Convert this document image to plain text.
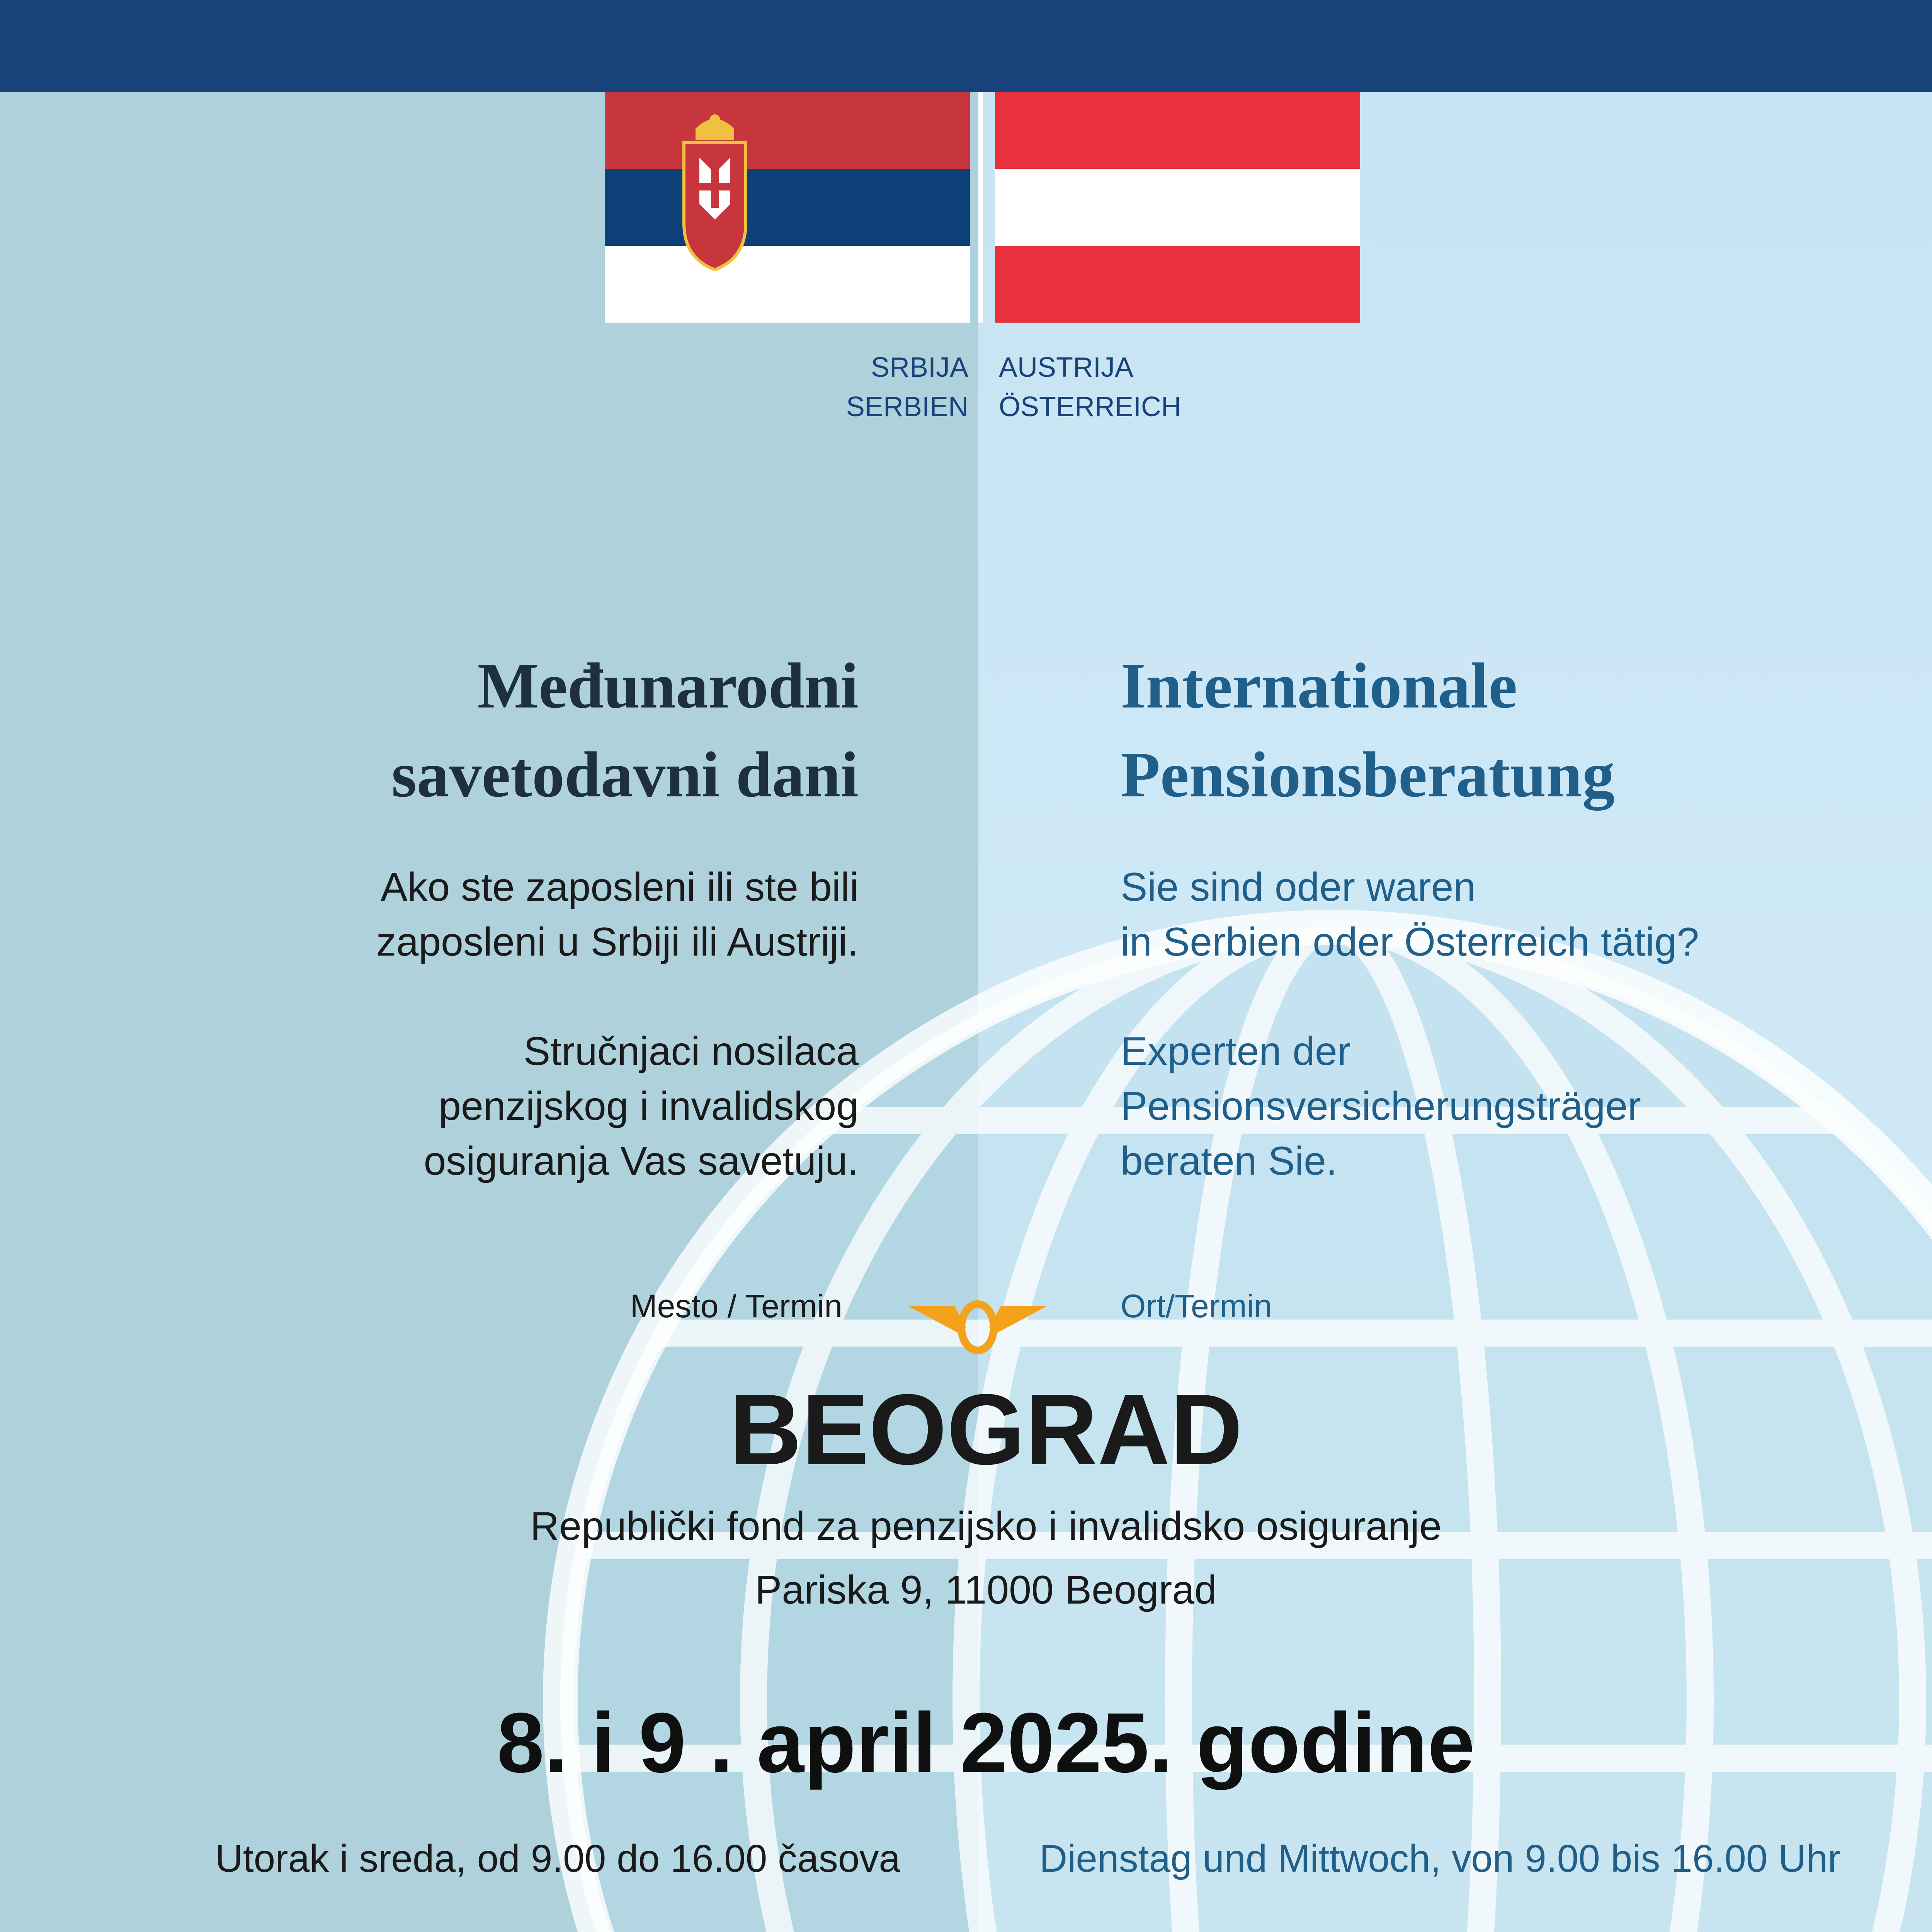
SRBIJA
SERBIEN
AUSTRIJA
ÖSTERREICH
Međunarodni
savetodavni dani
Internationale
Pensionsberatung
Ako ste zaposleni ili ste bili
zaposleni u Srbiji ili Austriji.
Sie sind oder waren
in Serbien oder Österreich tätig?
Stručnjaci nosilaca
penzijskog i invalidskog
osiguranja Vas savetuju.
Experten der
Pensionsversicherungsträger
beraten Sie.
Mesto / Termin	Ort/Termin
BEOGRAD
Republički fond za penzijsko i invalidsko osiguranje
Pariska 9, 11000 Beograd
8. i 9 . april 2025. godine
Utorak i sreda, od 9.00 do 16.00 časova	Dienstag und Mittwoch, von 9.00 bis 16.00 Uhr
